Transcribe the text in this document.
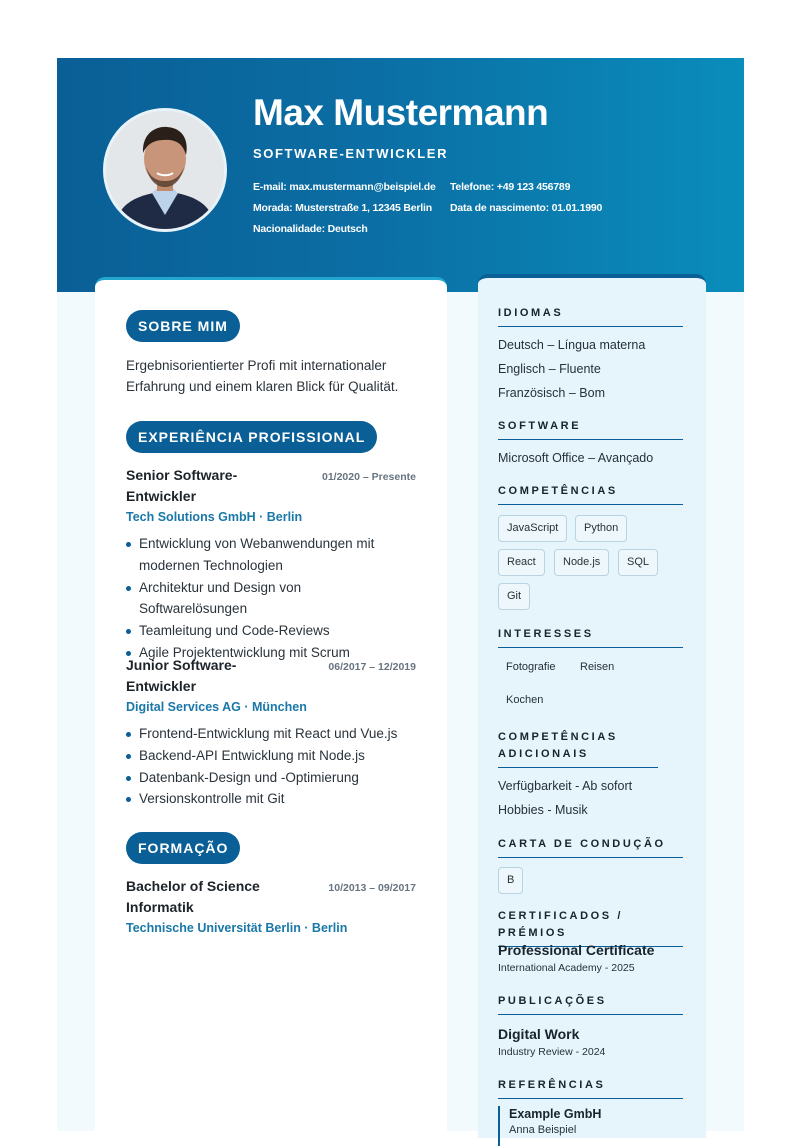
Max Mustermann
SOFTWARE-ENTWICKLER
E-mail: max.mustermann@beispiel.de Telefone: +49 123 456789
Morada: Musterstraße 1, 12345 Berlin Data de nascimento: 01.01.1990
Nacionalidade: Deutsch
SOBRE MIM
Ergebnisorientierter Profi mit internationaler Erfahrung und einem klaren Blick für Qualität.
EXPERIÊNCIA PROFISSIONAL
Senior Software-Entwickler
01/2020 – Presente
Tech Solutions GmbH · Berlin
Entwicklung von Webanwendungen mit modernen Technologien
Architektur und Design von Softwarelösungen
Teamleitung und Code-Reviews
Agile Projektentwicklung mit Scrum
Junior Software-Entwickler
06/2017 – 12/2019
Digital Services AG · München
Frontend-Entwicklung mit React und Vue.js
Backend-API Entwicklung mit Node.js
Datenbank-Design und -Optimierung
Versionskontrolle mit Git
FORMAÇÃO
Bachelor of Science Informatik
10/2013 – 09/2017
Technische Universität Berlin · Berlin
IDIOMAS
Deutsch – Língua materna
Englisch – Fluente
Französisch – Bom
SOFTWARE
Microsoft Office – Avançado
COMPETÊNCIAS
JavaScript	Python
React	Node.js	SQL
Git
INTERESSES
Fotografie Reisen
Kochen
COMPETÊNCIAS ADICIONAIS
Verfügbarkeit - Ab sofort
Hobbies - Musik
CARTA DE CONDUÇÃO
B
CERTIFICADOS / PRÉMIOS
Professional Certificate
International Academy - 2025
PUBLICAÇÕES
Digital Work
Industry Review - 2024
REFERÊNCIAS
Example GmbH
Anna Beispiel
